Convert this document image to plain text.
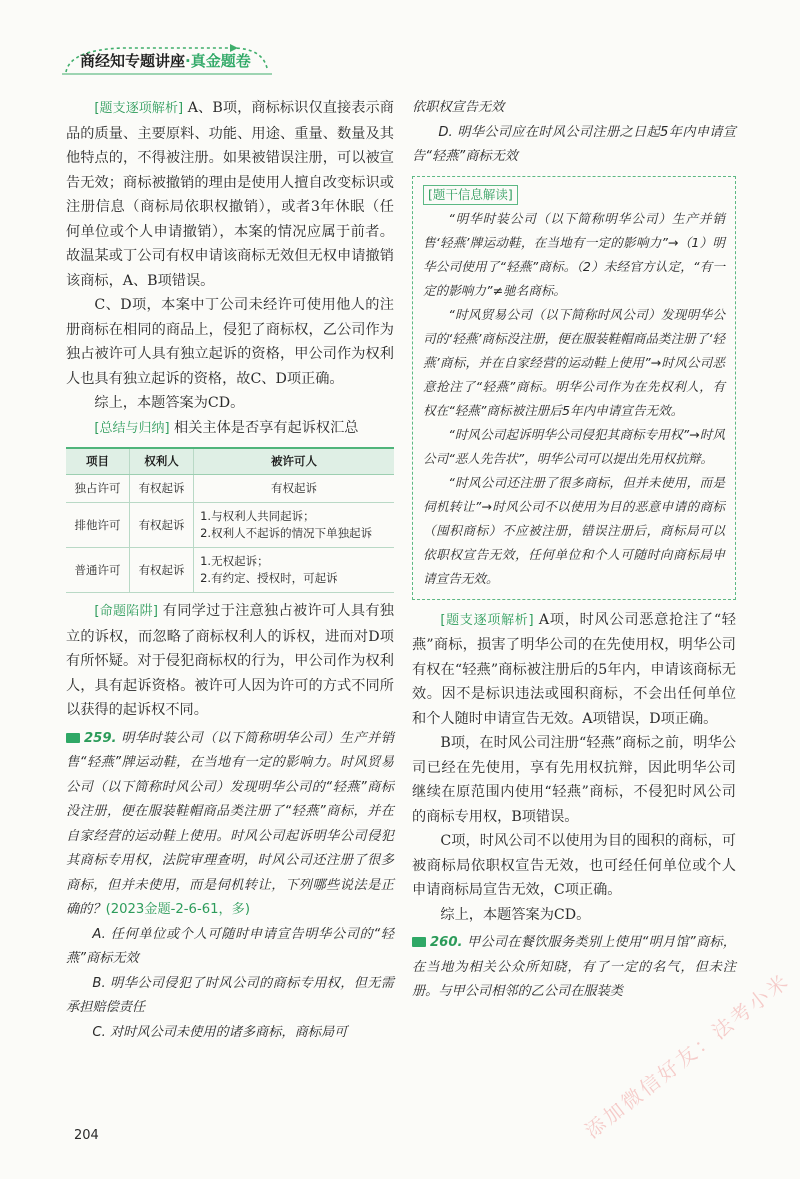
商经知专题讲座·真金题卷

[题支逐项解析] A、B项，商标标识仅直接表示商品的质量、主要原料、功能、用途、重量、数量及其他特点的，不得被注册。如果被错误注册，可以被宣告无效；商标被撤销的理由是使用人擅自改变标识或注册信息（商标局依职权撤销），或者3年休眠（任何单位或个人申请撤销），本案的情况应属于前者。故温某或丁公司有权申请该商标无效但无权申请撤销该商标，A、B项错误。

C、D项，本案中丁公司未经许可使用他人的注册商标在相同的商品上，侵犯了商标权，乙公司作为独占被许可人具有独立起诉的资格，甲公司作为权利人也具有独立起诉的资格，故C、D项正确。

综上，本题答案为CD。

[总结与归纳] 相关主体是否享有起诉权汇总

项目	权利人	被许可人
独占许可	有权起诉	有权起诉
排他许可	有权起诉	1.与权利人共同起诉；
2.权利人不起诉的情况下单独起诉

普通许可	有权起诉	1.无权起诉；
2.有约定、授权时，可起诉

[命题陷阱] 有同学过于注意独占被许可人具有独立的诉权，而忽略了商标权利人的诉权，进而对D项有所怀疑。对于侵犯商标权的行为，甲公司作为权利人，具有起诉资格。被许可人因为许可的方式不同所以获得的起诉权不同。

259. 明华时装公司（以下简称明华公司）生产并销售“轻燕”牌运动鞋，在当地有一定的影响力。时风贸易公司（以下简称时风公司）发现明华公司的“轻燕”商标没注册，便在服装鞋帽商品类注册了“轻燕”商标，并在自家经营的运动鞋上使用。时风公司起诉明华公司侵犯其商标专用权，法院审理查明，时风公司还注册了很多商标，但并未使用，而是伺机转让，下列哪些说法是正确的？(2023金题-2-6-61，多)

A. 任何单位或个人可随时申请宣告明华公司的“轻燕”商标无效

B. 明华公司侵犯了时风公司的商标专用权，但无需承担赔偿责任

C. 对时风公司未使用的诸多商标，商标局可

依职权宣告无效

D. 明华公司应在时风公司注册之日起5年内申请宣告“轻燕”商标无效

[题干信息解读]

“明华时装公司（以下简称明华公司）生产并销售‘轻燕’牌运动鞋，在当地有一定的影响力”→（1）明华公司使用了“轻燕”商标。（2）未经官方认定，“有一定的影响力”≠驰名商标。

“时风贸易公司（以下简称时风公司）发现明华公司的‘轻燕’商标没注册，便在服装鞋帽商品类注册了‘轻燕’商标，并在自家经营的运动鞋上使用”→时风公司恶意抢注了“轻燕”商标。明华公司作为在先权利人，有权在“轻燕”商标被注册后5年内申请宣告无效。

“时风公司起诉明华公司侵犯其商标专用权”→时风公司“恶人先告状”，明华公司可以提出先用权抗辩。

“时风公司还注册了很多商标，但并未使用，而是伺机转让”→时风公司不以使用为目的恶意申请的商标（囤积商标）不应被注册，错误注册后，商标局可以依职权宣告无效，任何单位和个人可随时向商标局申请宣告无效。

[题支逐项解析] A项，时风公司恶意抢注了“轻燕”商标，损害了明华公司的在先使用权，明华公司有权在“轻燕”商标被注册后的5年内，申请该商标无效。因不是标识违法或囤积商标，不会出任何单位和个人随时申请宣告无效。A项错误，D项正确。

B项，在时风公司注册“轻燕”商标之前，明华公司已经在先使用，享有先用权抗辩，因此明华公司继续在原范围内使用“轻燕”商标，不侵犯时风公司的商标专用权，B项错误。

C项，时风公司不以使用为目的囤积的商标，可被商标局依职权宣告无效，也可经任何单位或个人申请商标局宣告无效，C项正确。

综上，本题答案为CD。

260. 甲公司在餐饮服务类别上使用“明月馆”商标，在当地为相关公众所知晓，有了一定的名气，但未注册。与甲公司相邻的乙公司在服装类

204	添加微信好友：法考小米
